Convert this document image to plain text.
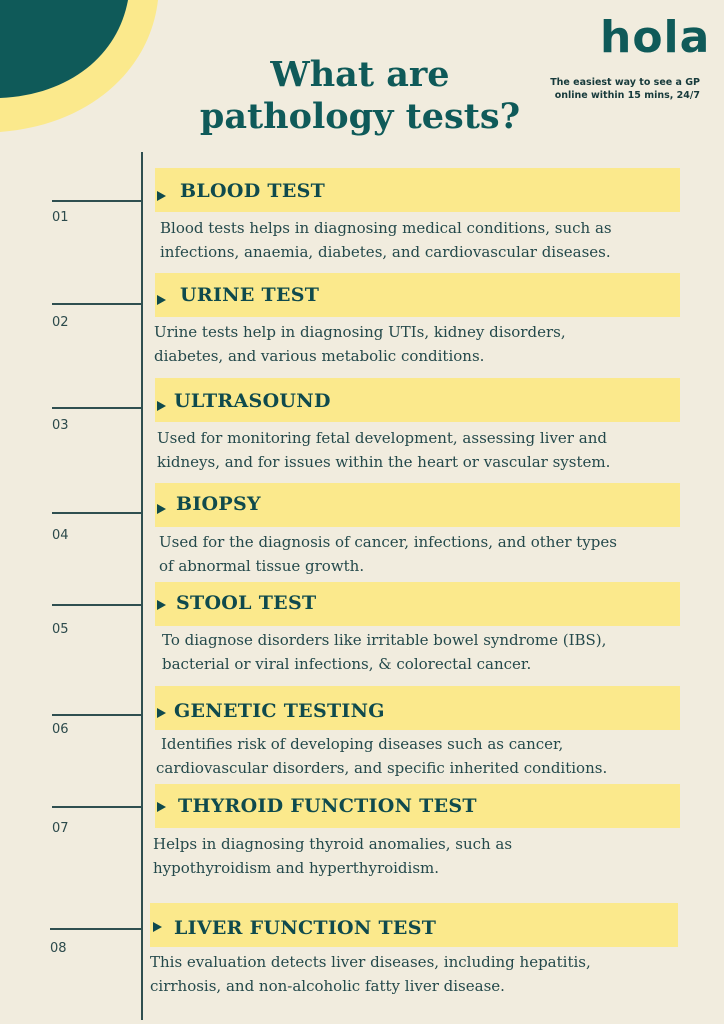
What are
pathology tests?
hola
The easiest way to see a GP
online within 15 mins, 24/7
01
BLOOD TEST
Blood tests helps in diagnosing medical conditions, such as
infections, anaemia, diabetes, and cardiovascular diseases.
02
URINE TEST
Urine tests help in diagnosing UTIs, kidney disorders,
diabetes, and various metabolic conditions.
03
ULTRASOUND
Used for monitoring fetal development, assessing liver and
kidneys, and for issues within the heart or vascular system.
04
BIOPSY
Used for the diagnosis of cancer, infections, and other types
of abnormal tissue growth.
05
STOOL TEST
To diagnose disorders like irritable bowel syndrome (IBS),
bacterial or viral infections, & colorectal cancer.
06
GENETIC TESTING
Identifies risk of developing diseases such as cancer,
cardiovascular disorders, and specific inherited conditions.
07
THYROID FUNCTION TEST
Helps in diagnosing thyroid anomalies, such as
hypothyroidism and hyperthyroidism.
08
LIVER FUNCTION TEST
This evaluation detects liver diseases, including hepatitis,
cirrhosis, and non-alcoholic fatty liver disease.
